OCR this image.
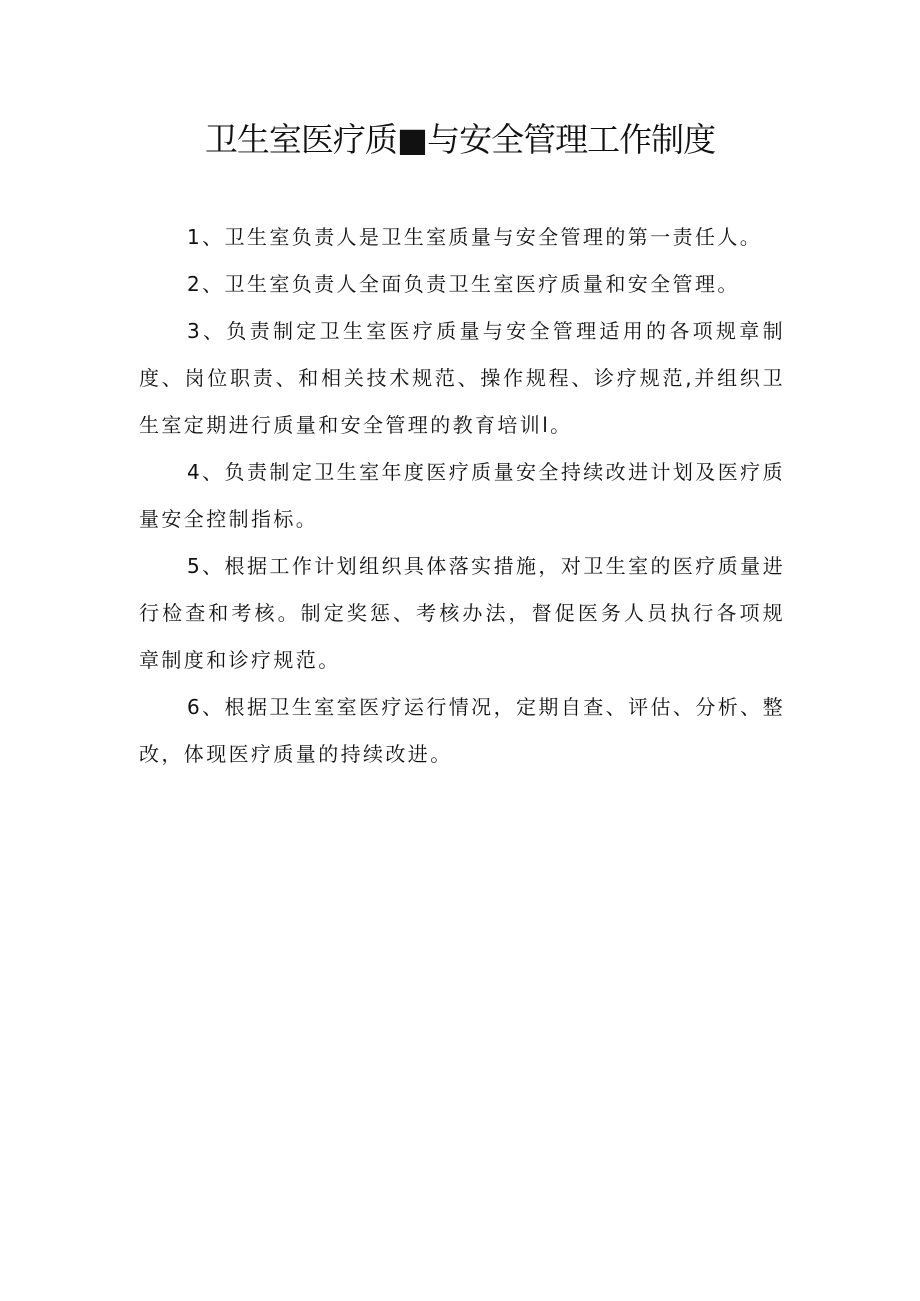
卫生室医疗质■与安全管理工作制度

1、卫生室负责人是卫生室质量与安全管理的第一责任人。

2、卫生室负责人全面负责卫生室医疗质量和安全管理。

3、负责制定卫生室医疗质量与安全管理适用的各项规章制度、岗位职责、和相关技术规范、操作规程、诊疗规范,并组织卫生室定期进行质量和安全管理的教育培训l。

4、负责制定卫生室年度医疗质量安全持续改进计划及医疗质量安全控制指标。

5、根据工作计划组织具体落实措施，对卫生室的医疗质量进行检查和考核。制定奖惩、考核办法，督促医务人员执行各项规章制度和诊疗规范。

6、根据卫生室室医疗运行情况，定期自查、评估、分析、整改，体现医疗质量的持续改进。
